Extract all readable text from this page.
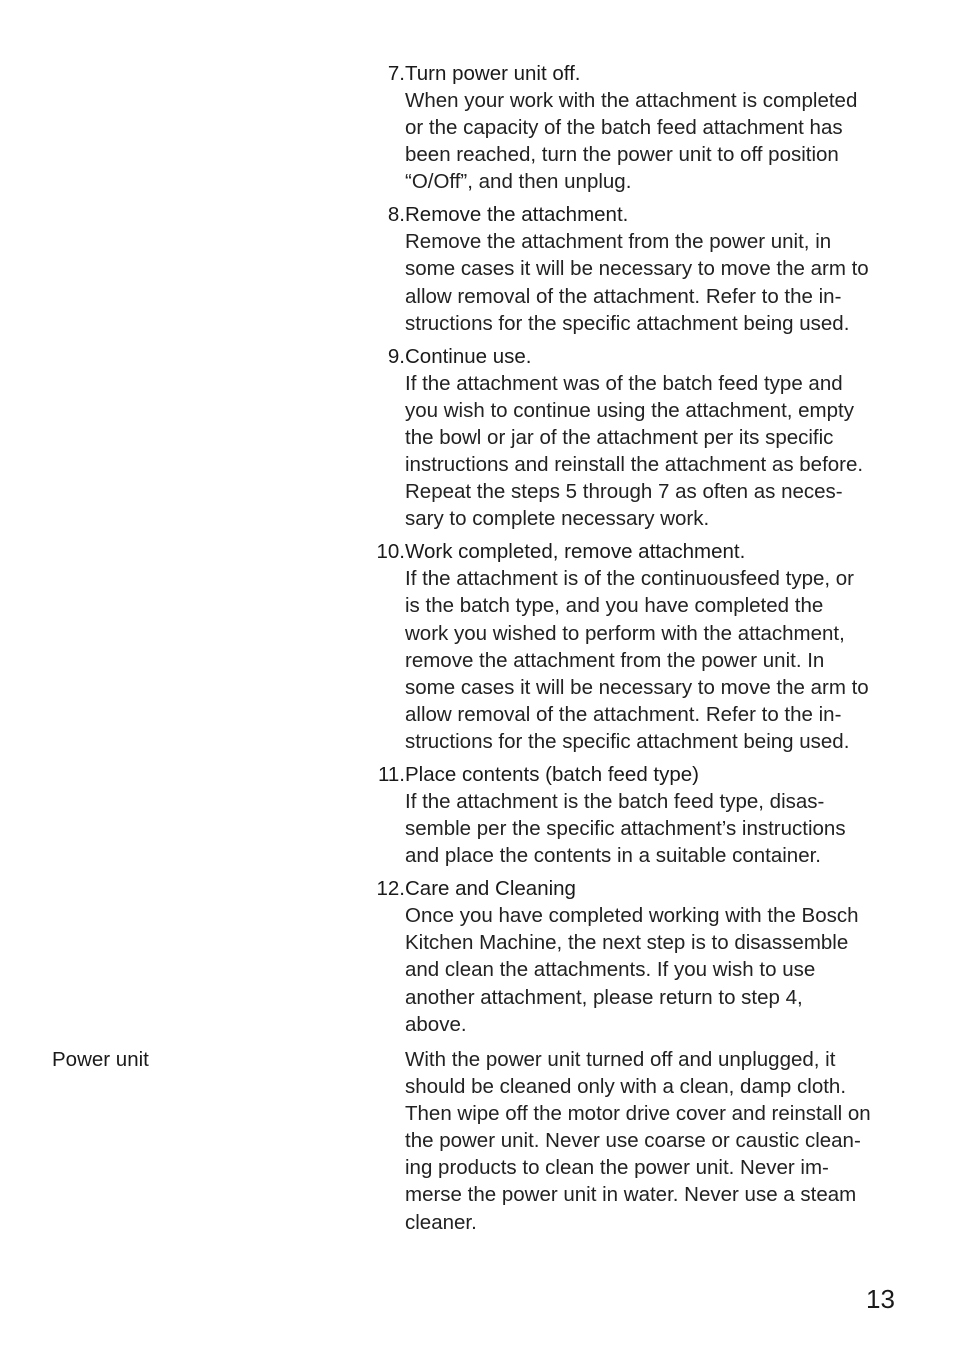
7. Turn power unit off.
When your work with the attachment is completed
or the capacity of the batch feed attachment has
been reached, turn the power unit to off position
“O/Off”, and then unplug.
8. Remove the attachment.
Remove the attachment from the power unit, in
some cases it will be necessary to move the arm to
allow removal of the attachment. Refer to the in-
structions for the specific attachment being used.
9. Continue use.
If the attachment was of the batch feed type and
you wish to continue using the attachment, empty
the bowl or jar of the attachment per its specific
instructions and reinstall the attachment as before.
Repeat the steps 5 through 7 as often as neces-
sary to complete necessary work.
10. Work completed, remove attachment.
If the attachment is of the continuousfeed type, or
is the batch type, and you have completed the
work you wished to perform with the attachment,
remove the attachment from the power unit. In
some cases it will be necessary to move the arm to
allow removal of the attachment. Refer to the in-
structions for the specific attachment being used.
11. Place contents (batch feed type)
If the attachment is the batch feed type, disas-
semble per the specific attachment’s instructions
and place the contents in a suitable container.
12. Care and Cleaning
Once you have completed working with the Bosch
Kitchen Machine, the next step is to disassemble
and clean the attachments. If you wish to use
another attachment, please return to step 4,
above.
Power unit	With the power unit turned off and unplugged, it
should be cleaned only with a clean, damp cloth.
Then wipe off the motor drive cover and reinstall on
the power unit. Never use coarse or caustic clean-
ing products to clean the power unit. Never im-
merse the power unit in water. Never use a steam
cleaner.
13
